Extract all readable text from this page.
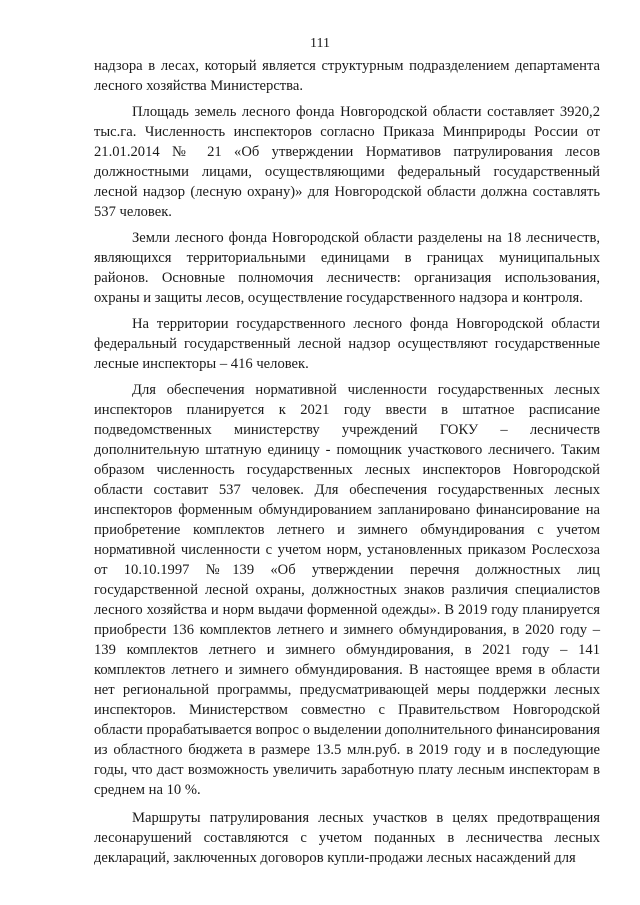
111

надзора в лесах, который является структурным подразделением департамента лесного хозяйства Министерства.

Площадь земель лесного фонда Новгородской области составляет 3920,2 тыс.га. Численность инспекторов согласно Приказа Минприроды России от 21.01.2014 № 21 «Об утверждении Нормативов патрулирования лесов должностными лицами, осуществляющими федеральный государственный лесной надзор (лесную охрану)» для Новгородской области должна составлять 537 человек.

Земли лесного фонда Новгородской области разделены на 18 лесничеств, являющихся территориальными единицами в границах муниципальных районов. Основные полномочия лесничеств: организация использования, охраны и защиты лесов, осуществление государственного надзора и контроля.

На территории государственного лесного фонда Новгородской области федеральный государственный лесной надзор осуществляют государственные лесные инспекторы – 416 человек.

Для обеспечения нормативной численности государственных лесных инспекторов планируется к 2021 году ввести в штатное расписание подведомственных министерству учреждений ГОКУ – лесничеств дополнительную штатную единицу - помощник участкового лесничего. Таким образом численность государственных лесных инспекторов Новгородской области составит 537 человек. Для обеспечения государственных лесных инспекторов форменным обмундированием запланировано финансирование на приобретение комплектов летнего и зимнего обмундирования с учетом нормативной численности с учетом норм, установленных приказом Рослесхоза от 10.10.1997 №139 «Об утверждении перечня должностных лиц государственной лесной охраны, должностных знаков различия специалистов лесного хозяйства и норм выдачи форменной одежды». В 2019 году планируется приобрести 136 комплектов летнего и зимнего обмундирования, в 2020 году – 139 комплектов летнего и зимнего обмундирования, в 2021 году – 141 комплектов летнего и зимнего обмундирования. В настоящее время в области нет региональной программы, предусматривающей меры поддержки лесных инспекторов. Министерством совместно с Правительством Новгородской области прорабатывается вопрос о выделении дополнительного финансирования из областного бюджета в размере 13.5 млн.руб. в 2019 году и в последующие годы, что даст возможность увеличить заработную плату лесным инспекторам в среднем на 10 %.

Маршруты патрулирования лесных участков в целях предотвращения лесонарушений составляются с учетом поданных в лесничества лесных деклараций, заключенных договоров купли-продажи лесных насаждений для
